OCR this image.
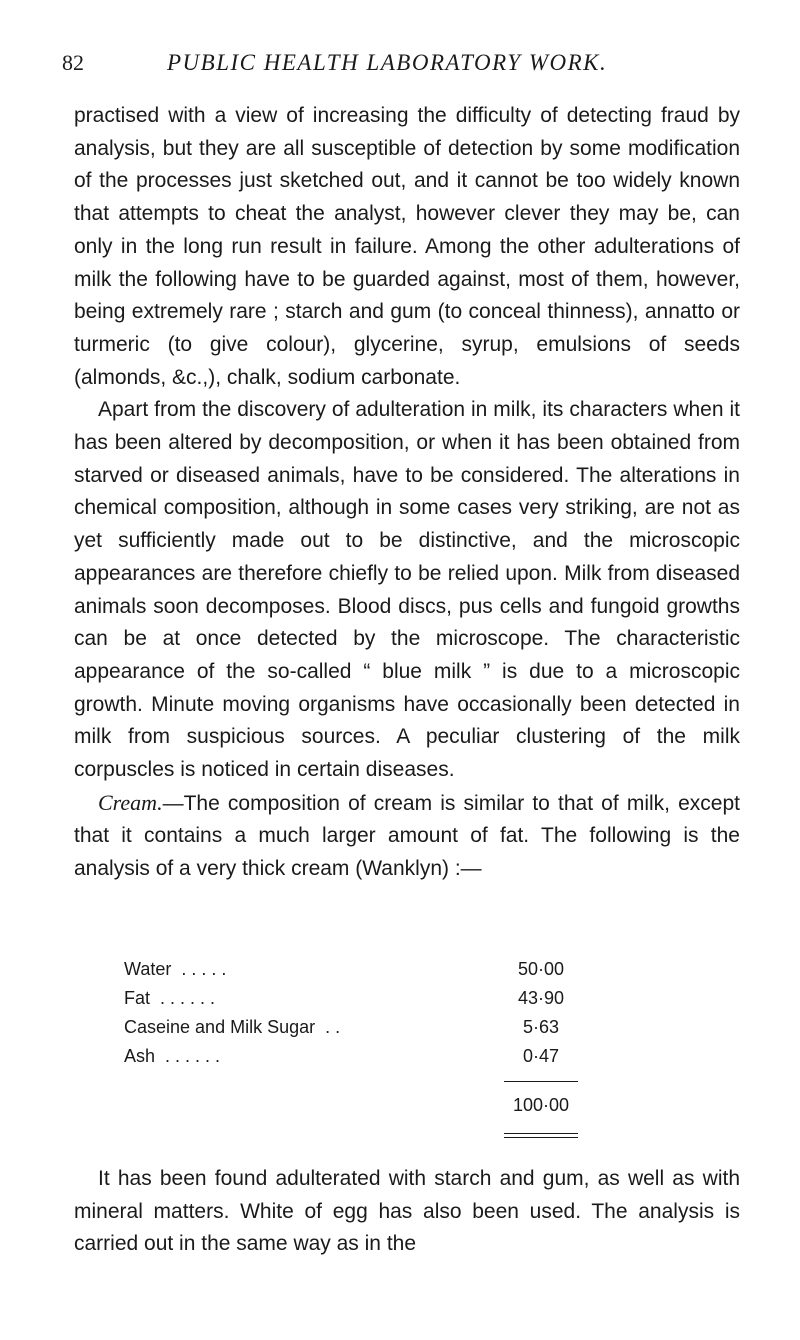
82	PUBLIC HEALTH LABORATORY WORK.

practised with a view of increasing the difficulty of detecting fraud by analysis, but they are all susceptible of detection by some modification of the processes just sketched out, and it cannot be too widely known that attempts to cheat the analyst, however clever they may be, can only in the long run result in failure. Among the other adulterations of milk the following have to be guarded against, most of them, however, being extremely rare ; starch and gum (to conceal thinness), annatto or turmeric (to give colour), glycerine, syrup, emulsions of seeds (almonds, &c.,), chalk, sodium carbonate.

Apart from the discovery of adulteration in milk, its characters when it has been altered by decomposition, or when it has been obtained from starved or diseased animals, have to be considered. The alterations in chemical composition, although in some cases very striking, are not as yet sufficiently made out to be distinctive, and the microscopic appearances are therefore chiefly to be relied upon. Milk from diseased animals soon decomposes. Blood discs, pus cells and fungoid growths can be at once detected by the microscope. The characteristic appearance of the so-called “ blue milk ” is due to a microscopic growth. Minute moving organisms have occasionally been detected in milk from suspicious sources. A peculiar clustering of the milk corpuscles is noticed in certain diseases.

Cream.—The composition of cream is similar to that of milk, except that it contains a much larger amount of fat. The following is the analysis of a very thick cream (Wanklyn) :—

Water . . . . .	50·00
Fat . . . . . .	43·90
Caseine and Milk Sugar . .	5·63
Ash . . . . . .	0·47
100·00

It has been found adulterated with starch and gum, as well as with mineral matters. White of egg has also been used. The analysis is carried out in the same way as in the
